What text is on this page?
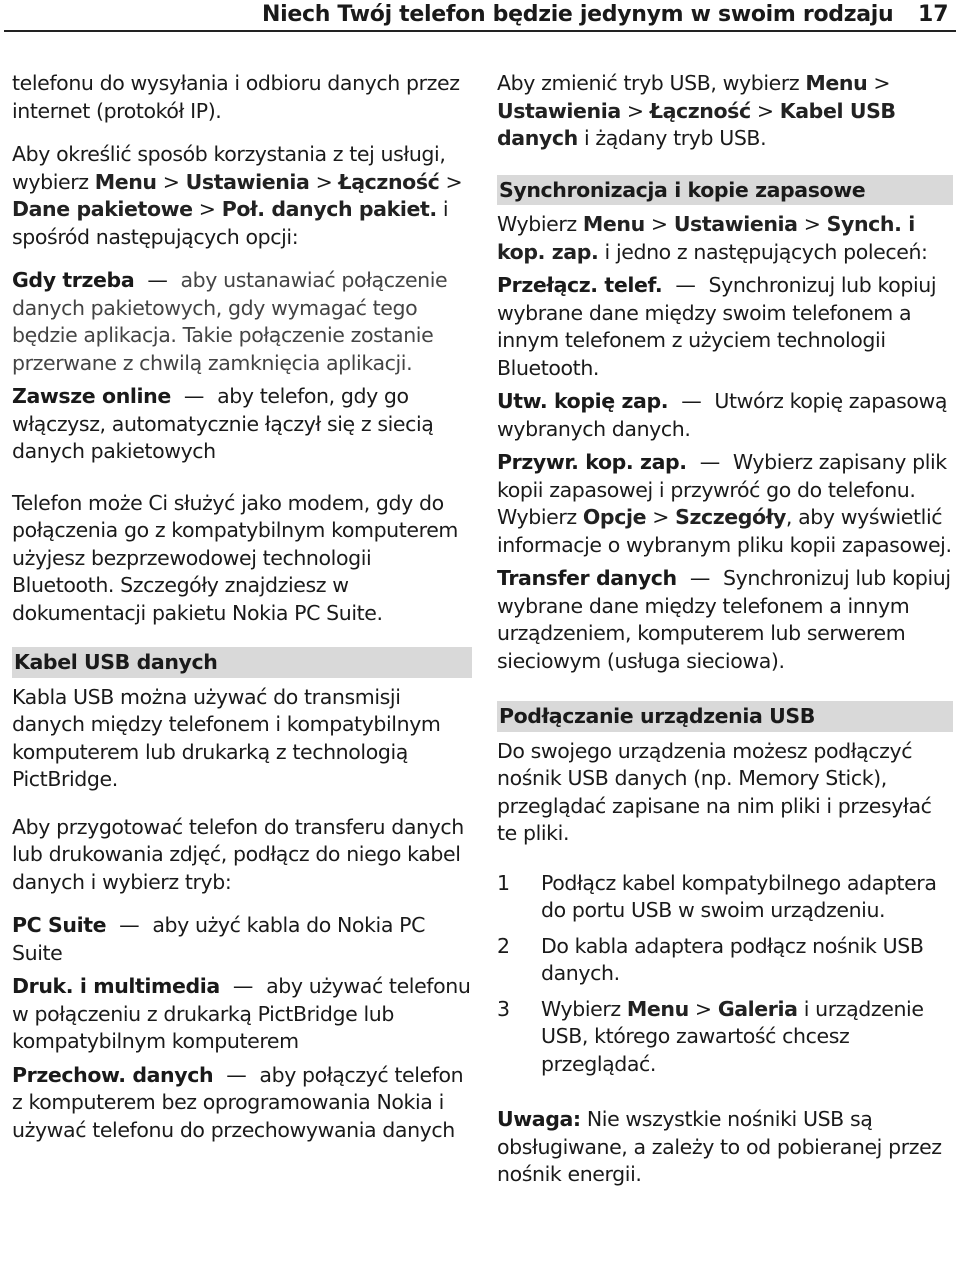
Niech Twój telefon będzie jedynym w swoim rodzaju 17

telefonu do wysyłania i odbioru danych przez internet (protokół IP).

Aby określić sposób korzystania z tej usługi, wybierz Menu > Ustawienia > Łączność > Dane pakietowe > Poł. danych pakiet. i spośród następujących opcji:

Gdy trzeba — aby ustanawiać połączenie danych pakietowych, gdy wymagać tego będzie aplikacja. Takie połączenie zostanie przerwane z chwilą zamknięcia aplikacji.

Zawsze online — aby telefon, gdy go włączysz, automatycznie łączył się z siecią danych pakietowych

Telefon może Ci służyć jako modem, gdy do połączenia go z kompatybilnym komputerem użyjesz bezprzewodowej technologii Bluetooth. Szczegóły znajdziesz w dokumentacji pakietu Nokia PC Suite.

Kabel USB danych

Kabla USB można używać do transmisji danych między telefonem i kompatybilnym komputerem lub drukarką z technologią PictBridge.

Aby przygotować telefon do transferu danych lub drukowania zdjęć, podłącz do niego kabel danych i wybierz tryb:

PC Suite — aby użyć kabla do Nokia PC Suite

Druk. i multimedia — aby używać telefonu w połączeniu z drukarką PictBridge lub kompatybilnym komputerem

Przechow. danych — aby połączyć telefon z komputerem bez oprogramowania Nokia i używać telefonu do przechowywania danych

Aby zmienić tryb USB, wybierz Menu > Ustawienia > Łączność > Kabel USB danych i żądany tryb USB.

Synchronizacja i kopie zapasowe

Wybierz Menu > Ustawienia > Synch. i kop. zap. i jedno z następujących poleceń:

Przełącz. telef. — Synchronizuj lub kopiuj wybrane dane między swoim telefonem a innym telefonem z użyciem technologii Bluetooth.

Utw. kopię zap. — Utwórz kopię zapasową wybranych danych.

Przywr. kop. zap. — Wybierz zapisany plik kopii zapasowej i przywróć go do telefonu. Wybierz Opcje > Szczegóły, aby wyświetlić informacje o wybranym pliku kopii zapasowej.

Transfer danych — Synchronizuj lub kopiuj wybrane dane między telefonem a innym urządzeniem, komputerem lub serwerem sieciowym (usługa sieciowa).

Podłączanie urządzenia USB

Do swojego urządzenia możesz podłączyć nośnik USB danych (np. Memory Stick), przeglądać zapisane na nim pliki i przesyłać te pliki.

1 Podłącz kabel kompatybilnego adaptera do portu USB w swoim urządzeniu.
2 Do kabla adaptera podłącz nośnik USB danych.
3 Wybierz Menu > Galeria i urządzenie USB, którego zawartość chcesz przeglądać.

Uwaga: Nie wszystkie nośniki USB są obsługiwane, a zależy to od pobieranej przez nośnik energii.
